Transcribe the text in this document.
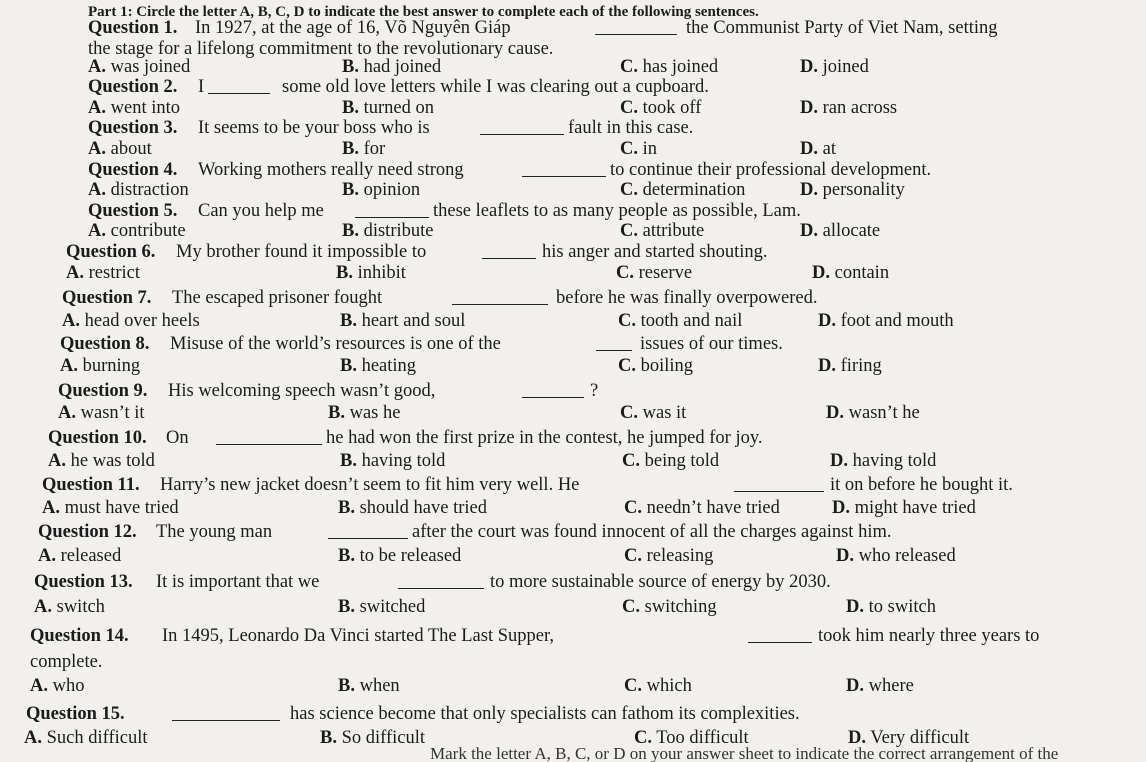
Part 1: Circle the letter A, B, C, D to indicate the best answer to complete each of the following sentences.
Question 1. In 1927, at the age of 16, Võ Nguyên Giáp	the Communist Party of Viet Nam, setting
the stage for a lifelong commitment to the revolutionary cause.
A. was joined	B. had joined	C. has joined	D. joined
Question 2. I	some old love letters while I was clearing out a cupboard.
A. went into	B. turned on	C. took off	D. ran across
Question 3. It seems to be your boss who is	fault in this case.
A. about	B. for	C. in	D. at
Question 4. Working mothers really need strong	to continue their professional development.
A. distraction	B. opinion	C. determination	D. personality
Question 5. Can you help me	these leaflets to as many people as possible, Lam.
A. contribute	B. distribute	C. attribute	D. allocate
Question 6. My brother found it impossible to	his anger and started shouting.
A. restrict	B. inhibit	C. reserve	D. contain
Question 7. The escaped prisoner fought	before he was finally overpowered.
A. head over heels	B. heart and soul	C. tooth and nail	D. foot and mouth
Question 8. Misuse of the world’s resources is one of the	issues of our times.
A. burning	B. heating	C. boiling	D. firing
Question 9. His welcoming speech wasn’t good,	?
A. wasn’t it	B. was he	C. was it	D. wasn’t he
Question 10. On	he had won the first prize in the contest, he jumped for joy.
A. he was told	B. having told	C. being told	D. having told
Question 11. Harry’s new jacket doesn’t seem to fit him very well. He	it on before he bought it.
A. must have tried	B. should have tried	C. needn’t have tried	D. might have tried
Question 12. The young man	after the court was found innocent of all the charges against him.
A. released	B. to be released	C. releasing	D. who released
Question 13. It is important that we	to more sustainable source of energy by 2030.
A. switch	B. switched	C. switching	D. to switch
Question 14. In 1495, Leonardo Da Vinci started The Last Supper,	took him nearly three years to
complete.
A. who	B. when	C. which	D. where
Question 15.	has science become that only specialists can fathom its complexities.
A. Such difficult	B. So difficult	C. Too difficult	D. Very difficult
Mark the letter A, B, C, or D on your answer sheet to indicate the correct arrangement of the
